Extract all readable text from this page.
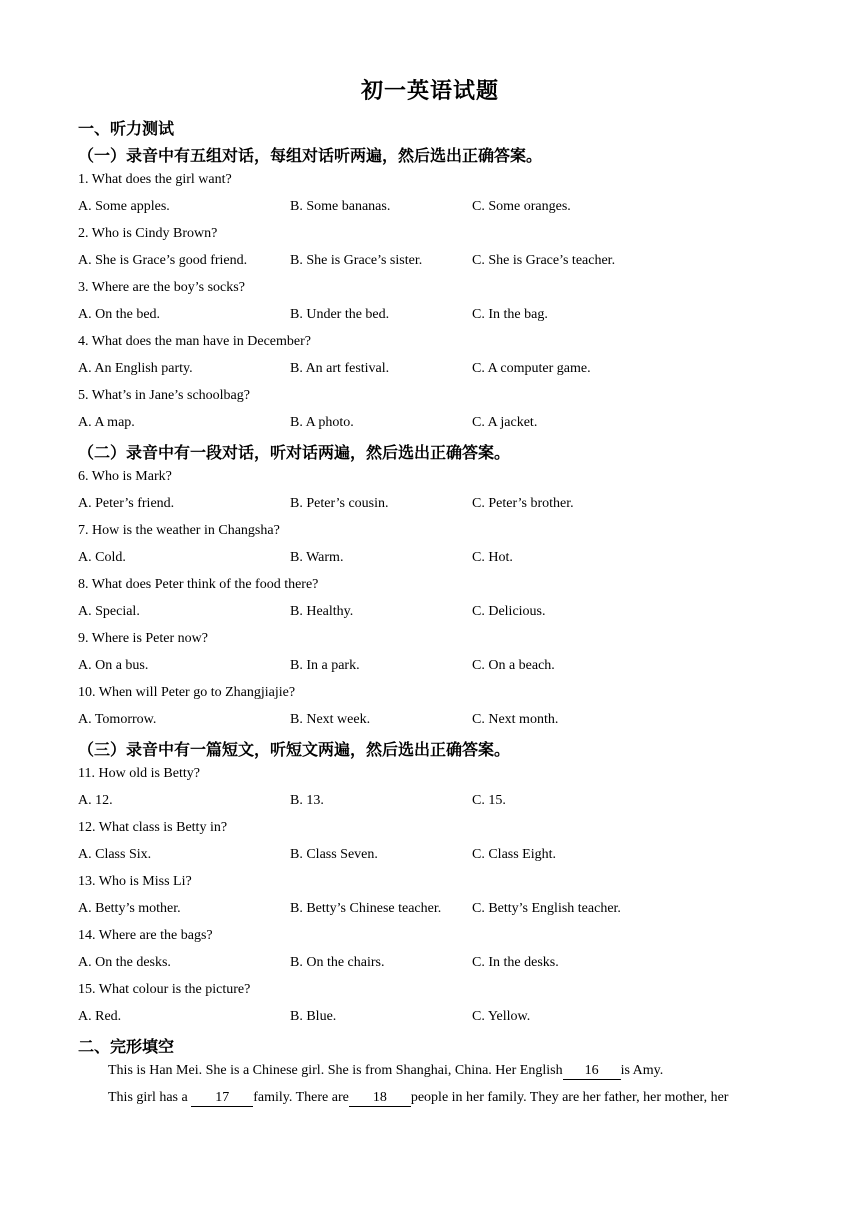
初一英语试题
一、听力测试
（一）录音中有五组对话，每组对话听两遍，然后选出正确答案。
1. What does the girl want?
A. Some apples.	B. Some bananas.	C. Some oranges.
2. Who is Cindy Brown?
A. She is Grace’s good friend.	B. She is Grace’s sister.	C. She is Grace’s teacher.
3. Where are the boy’s socks?
A. On the bed.	B. Under the bed.	C. In the bag.
4. What does the man have in December?
A. An English party.	B. An art festival.	C. A computer game.
5. What’s in Jane’s schoolbag?
A. A map.	B. A photo.	C. A jacket.
（二）录音中有一段对话，听对话两遍，然后选出正确答案。
6. Who is Mark?
A. Peter’s friend.	B. Peter’s cousin.	C. Peter’s brother.
7. How is the weather in Changsha?
A. Cold.	B. Warm.	C. Hot.
8. What does Peter think of the food there?
A. Special.	B. Healthy.	C. Delicious.
9. Where is Peter now?
A. On a bus.	B. In a park.	C. On a beach.
10. When will Peter go to Zhangjiajie?
A. Tomorrow.	B. Next week.	C. Next month.
（三）录音中有一篇短文，听短文两遍，然后选出正确答案。
11. How old is Betty?
A. 12.	B. 13.	C. 15.
12. What class is Betty in?
A. Class Six.	B. Class Seven.	C. Class Eight.
13. Who is Miss Li?
A. Betty’s mother.	B. Betty’s Chinese teacher. C. Betty’s English teacher.
14. Where are the bags?
A. On the desks.	B. On the chairs.	C. In the desks.
15. What colour is the picture?
A. Red.	B. Blue.	C. Yellow.
二、完形填空
This is Han Mei. She is a Chinese girl. She is from Shanghai, China. Her English 16 is Amy.
This girl has a 17 family. There are 18 people in her family. They are her father, her mother, her
